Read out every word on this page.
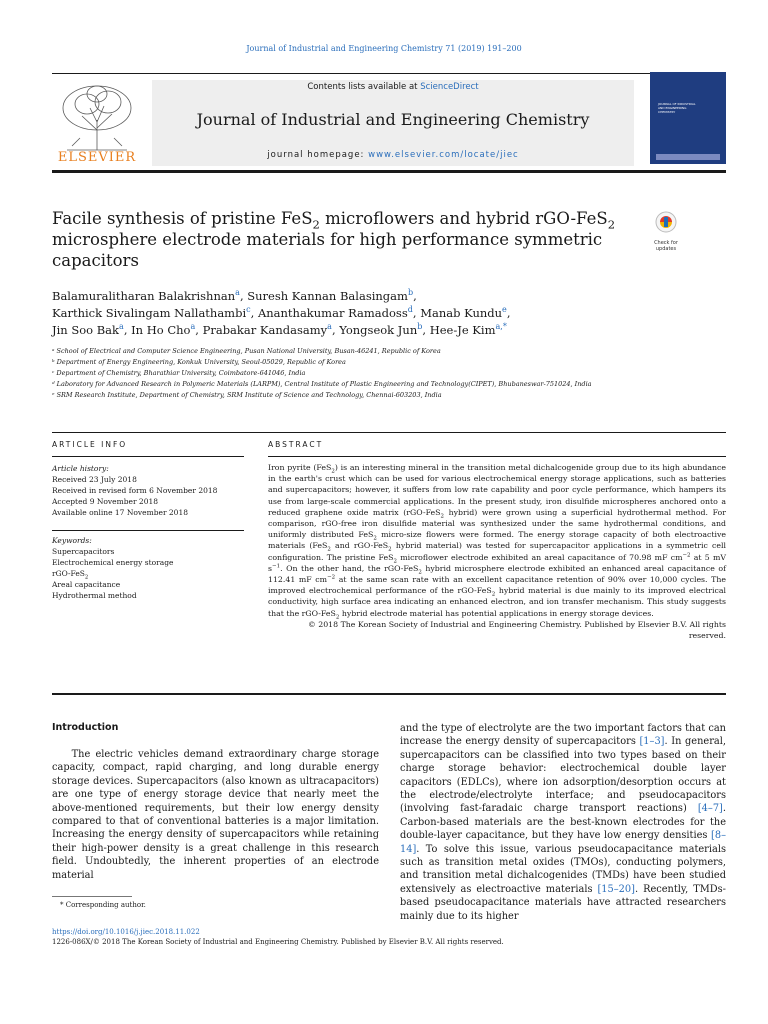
Journal of Industrial and Engineering Chemistry 71 (2019) 191–200
ELSEVIER
Contents lists available at ScienceDirect
Journal of Industrial and Engineering Chemistry
journal homepage: www.elsevier.com/locate/jiec
JOURNAL OF INDUSTRIAL AND ENGINEERING CHEMISTRY
Facile synthesis of pristine FeS$_2$ microflowers and hybrid rGO-FeS$_2$ microsphere electrode materials for high performance symmetric capacitors
Check for updates
Balamuralitharan Balakrishnan$^a$, Suresh Kannan Balasingam$^b$,
Karthick Sivalingam Nallathambi$^c$, Ananthakumar Ramadoss$^d$, Manab Kundu$^e$,
Jin Soo Bak$^a$, In Ho Cho$^a$, Prabakar Kandasamy$^a$, Yongseok Jun$^b$, Hee-Je Kim$^{a,*}$
ᵃ School of Electrical and Computer Science Engineering, Pusan National University, Busan-46241, Republic of Korea
ᵇ Department of Energy Engineering, Konkuk University, Seoul-05029, Republic of Korea
ᶜ Department of Chemistry, Bharathiar University, Coimbatore-641046, India
ᵈ Laboratory for Advanced Research in Polymeric Materials (LARPM), Central Institute of Plastic Engineering and Technology(CIPET), Bhubaneswar-751024, India
ᵉ SRM Research Institute, Department of Chemistry, SRM Institute of Science and Technology, Chennai-603203, India
ARTICLE INFO	ABSTRACT
Article history:
Received 23 July 2018
Received in revised form 6 November 2018
Accepted 9 November 2018
Available online 17 November 2018
Keywords:
Supercapacitors
Electrochemical energy storage
rGO-FeS$_2$
Areal capacitance
Hydrothermal method
Iron pyrite (FeS$_2$) is an interesting mineral in the transition metal dichalcogenide group due to its high abundance in the earth's crust which can be used for various electrochemical energy storage applications, such as batteries and supercapacitors; however, it suffers from low rate capability and poor cycle performance, which hampers its use from large-scale commercial applications. In the present study, iron disulfide microspheres anchored onto a reduced graphene oxide matrix (rGO-FeS$_2$ hybrid) were grown using a superficial hydrothermal method. For comparison, rGO-free iron disulfide material was synthesized under the same hydrothermal conditions, and uniformly distributed FeS$_2$ micro-size flowers were formed. The energy storage capacity of both electroactive materials (FeS$_2$ and rGO-FeS$_2$ hybrid material) was tested for supercapacitor applications in a symmetric cell configuration. The pristine FeS$_2$ microflower electrode exhibited an areal capacitance of 70.98 mF $cm^{-2}$ at 5 mV $s^{-1}$. On the other hand, the rGO-FeS$_2$ hybrid microsphere electrode exhibited an enhanced areal capacitance of 112.41 mF $cm^{-2}$ at the same scan rate with an excellent capacitance retention of 90% over 10,000 cycles. The improved electrochemical performance of the rGO-FeS$_2$ hybrid material is due mainly to its improved electrical conductivity, high surface area indicating an enhanced electron, and ion transfer mechanism. This study suggests that the rGO-FeS$_2$ hybrid electrode material has potential applications in energy storage devices.
© 2018 The Korean Society of Industrial and Engineering Chemistry. Published by Elsevier B.V. All rights
reserved.
Introduction
  The electric vehicles demand extraordinary charge storage capacity, compact, rapid charging, and long durable energy storage devices. Supercapacitors (also known as ultracapacitors) are one type of energy storage device that nearly meet the above-mentioned requirements, but their low energy density compared to that of conventional batteries is a major limitation. Increasing the energy density of supercapacitors while retaining their high-power density is a great challenge in this research field. Undoubtedly, the inherent properties of an electrode material
and the type of electrolyte are the two important factors that can increase the energy density of supercapacitors [1–3]. In general, supercapacitors can be classified into two types based on their charge storage behavior: electrochemical double layer capacitors (EDLCs), where ion adsorption/desorption occurs at the electrode/electrolyte interface; and pseudocapacitors (involving fast-faradaic charge transport reactions) [4–7]. Carbon-based materials are the best-known electrodes for the double-layer capacitance, but they have low energy densities [8–14]. To solve this issue, various pseudocapacitance materials such as transition metal oxides (TMOs), conducting polymers, and transition metal dichalcogenides (TMDs) have been studied extensively as electroactive materials [15–20]. Recently, TMDs-based pseudocapacitance materials have attracted researchers mainly due to its higher
* Corresponding author.
https://doi.org/10.1016/j.jiec.2018.11.022
1226-086X/© 2018 The Korean Society of Industrial and Engineering Chemistry. Published by Elsevier B.V. All rights reserved.
